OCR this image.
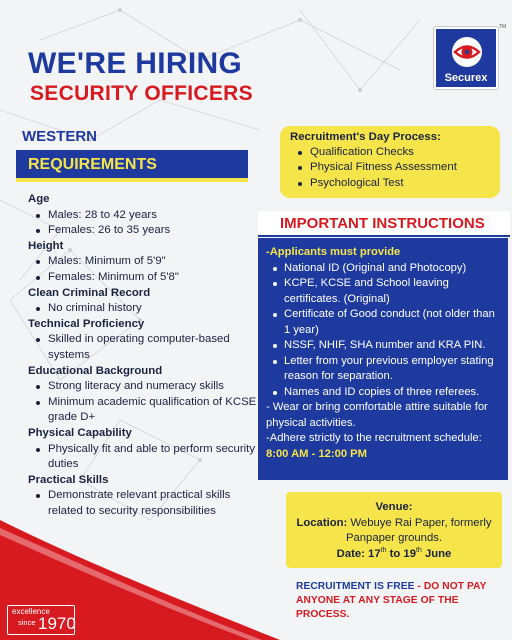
WE'RE HIRING
SECURITY OFFICERS
Securex
TM
WESTERN
REQUIREMENTS
Age
Males: 28 to 42 years
Females: 26 to 35 years
Height
Males: Minimum of 5'9"
Females: Minimum of 5'8"
Clean Criminal Record
No criminal history
Technical Proficiency
Skilled in operating computer-based systems
Educational Background
Strong literacy and numeracy skills
Minimum academic qualification of KCSE grade D+
Physical Capability
Physically fit and able to perform security duties
Practical Skills
Demonstrate relevant practical skills related to security responsibilities
Recruitment's Day Process:
Qualification Checks
Physical Fitness Assessment
Psychological Test
IMPORTANT INSTRUCTIONS
-Applicants must provide
National ID (Original and Photocopy)
KCPE, KCSE and School leaving certificates. (Original)
Certificate of Good conduct (not older than 1 year)
NSSF, NHIF, SHA number and KRA PIN.
Letter from your previous employer stating reason for separation.
Names and ID copies of three referees.
- Wear or bring comfortable attire suitable for physical activities.
-Adhere strictly to the recruitment schedule: 8:00 AM - 12:00 PM
Venue:
Location: Webuye Rai Paper, formerly Panpaper grounds.
Date: 17th to 19th June
RECRUITMENT IS FREE - DO NOT PAY ANYONE AT ANY STAGE OF THE PROCESS.
excellence
since 1970
